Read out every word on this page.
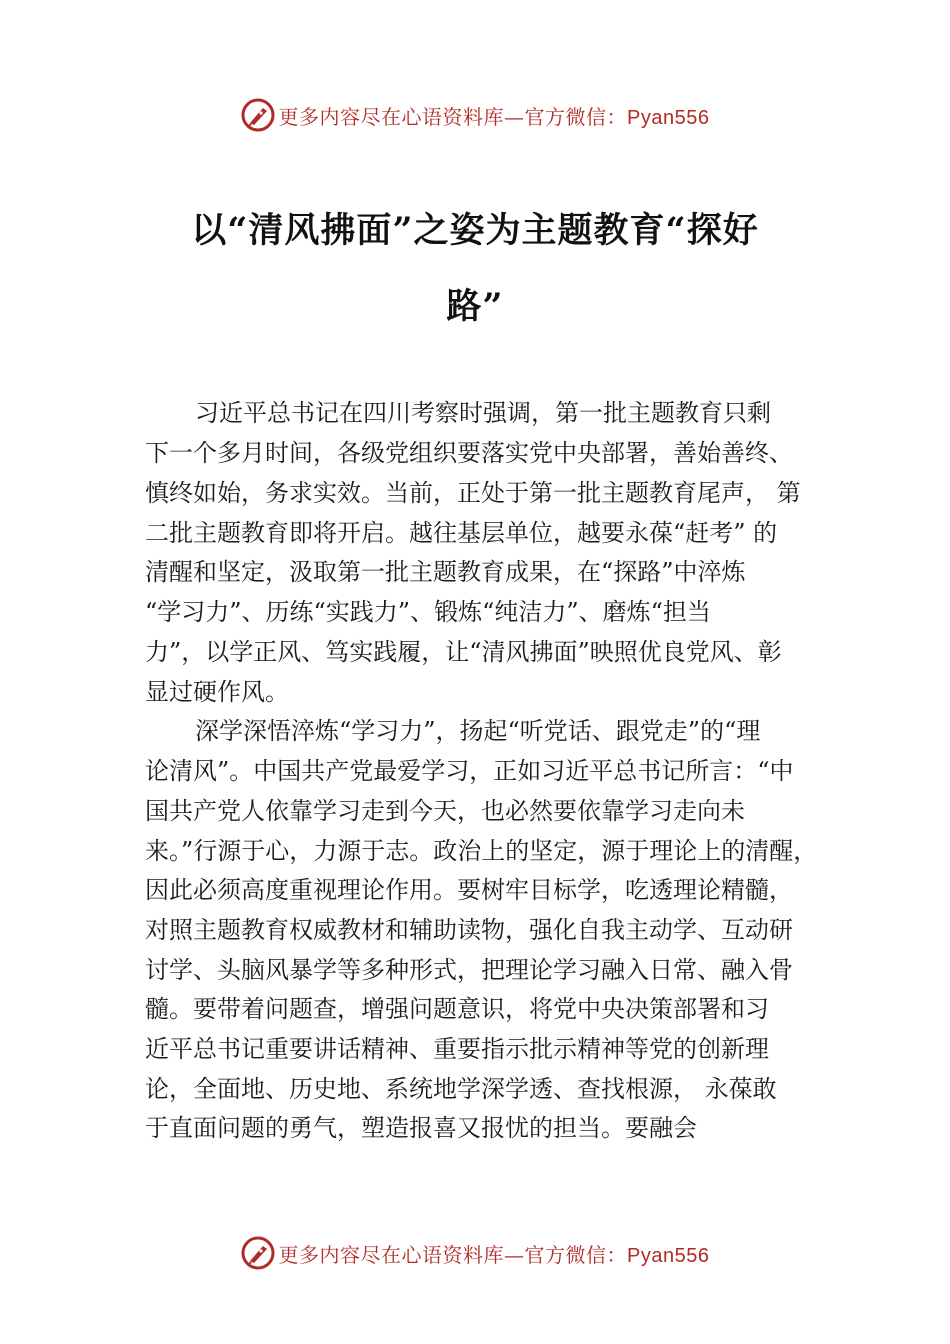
更多内容尽在心语资料库—官方微信：Pyan556
以“清风拂面”之姿为主题教育“探好
路”
习近平总书记在四川考察时强调，第一批主题教育只剩
下一个多月时间，各级党组织要落实党中央部署，善始善终、
慎终如始，务求实效。当前，正处于第一批主题教育尾声， 第
二批主题教育即将开启。越往基层单位，越要永葆“赶考” 的
清醒和坚定，汲取第一批主题教育成果，在“探路”中淬炼
“学习力”、历练“实践力”、锻炼“纯洁力”、磨炼“担当
力”，以学正风、笃实践履，让“清风拂面”映照优良党风、彰
显过硬作风。
深学深悟淬炼“学习力”，扬起“听党话、跟党走”的“理
论清风”。中国共产党最爱学习，正如习近平总书记所言：“中
国共产党人依靠学习走到今天，也必然要依靠学习走向未
来。”行源于心，力源于志。政治上的坚定，源于理论上的清醒，
因此必须高度重视理论作用。要树牢目标学，吃透理论精髓，
对照主题教育权威教材和辅助读物，强化自我主动学、互动研
讨学、头脑风暴学等多种形式，把理论学习融入日常、融入骨
髓。要带着问题查，增强问题意识，将党中央决策部署和习
近平总书记重要讲话精神、重要指示批示精神等党的创新理
论，全面地、历史地、系统地学深学透、查找根源， 永葆敢
于直面问题的勇气，塑造报喜又报忧的担当。要融会
更多内容尽在心语资料库—官方微信：Pyan556
